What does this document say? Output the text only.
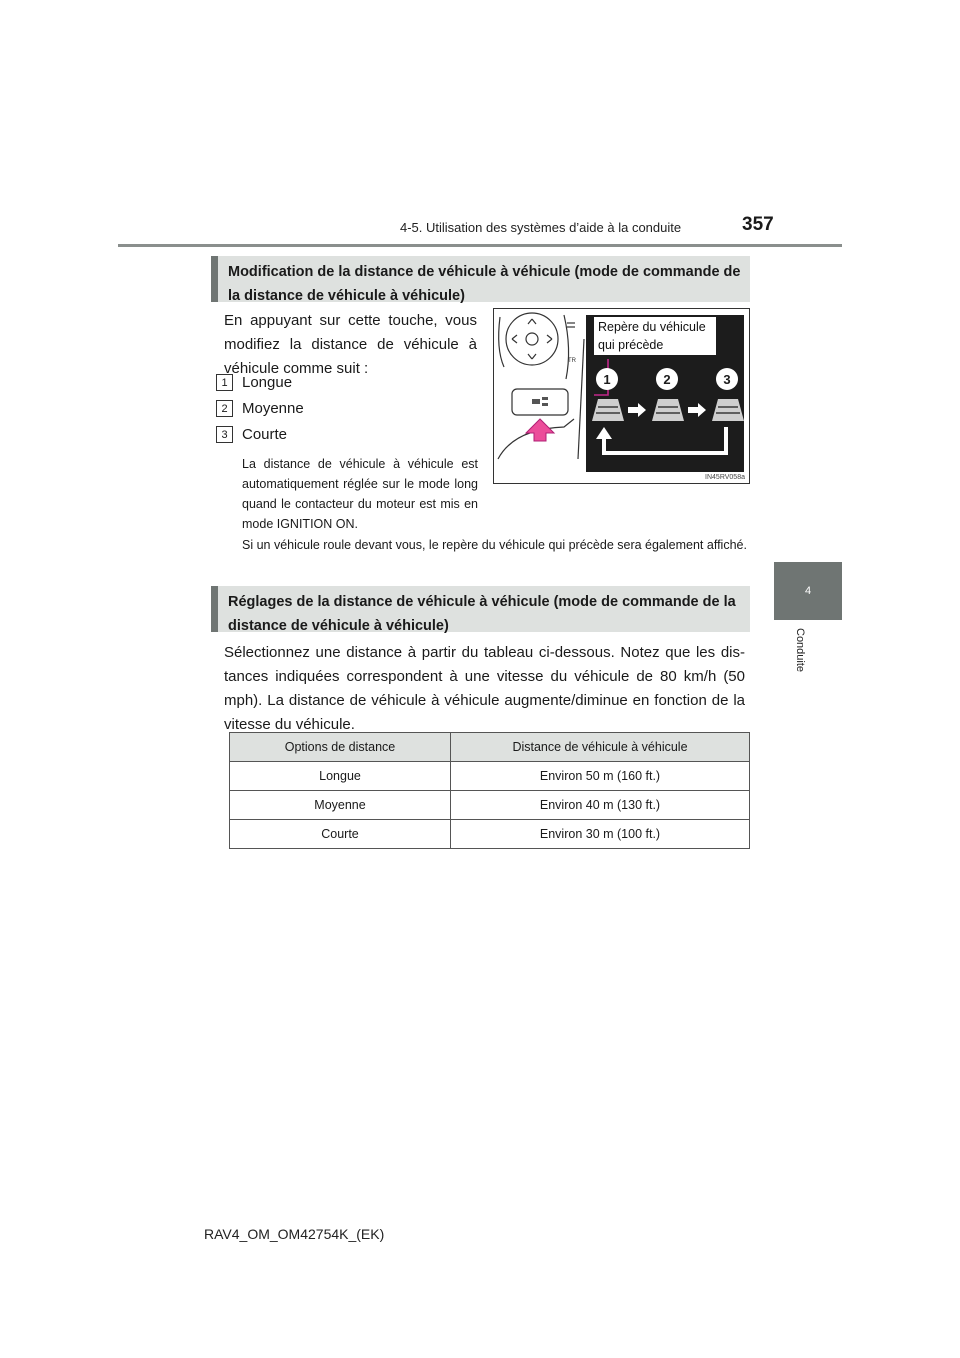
4-5. Utilisation des systèmes d’aide à la conduite	357
4
Conduite
Modification de la distance de véhicule à véhicule (mode de commande de la distance de véhicule à véhicule)
En appuyant sur cette touche, vous modifiez la distance de véhicule à véhicule comme suit :
1 Longue
2 Moyenne
3 Courte
La distance de véhicule à véhicule est automatiquement réglée sur le mode long quand le contacteur du moteur est mis en mode IGNITION ON.
Si un véhicule roule devant vous, le repère du véhicule qui précède sera également affiché.
TR
1	2	3
Repère du véhicule qui précède
IN45RV058a
Réglages de la distance de véhicule à véhicule (mode de commande de la distance de véhicule à véhicule)
Sélectionnez une distance à partir du tableau ci-dessous. Notez que les dis- tances indiquées correspondent à une vitesse du véhicule de 80 km/h (50 mph). La distance de véhicule à véhicule augmente/diminue en fonction de la vitesse du véhicule.
Options de distance	Distance de véhicule à véhicule
Longue	Environ 50 m (160 ft.)
Moyenne	Environ 40 m (130 ft.)
Courte	Environ 30 m (100 ft.)
RAV4_OM_OM42754K_(EK)
